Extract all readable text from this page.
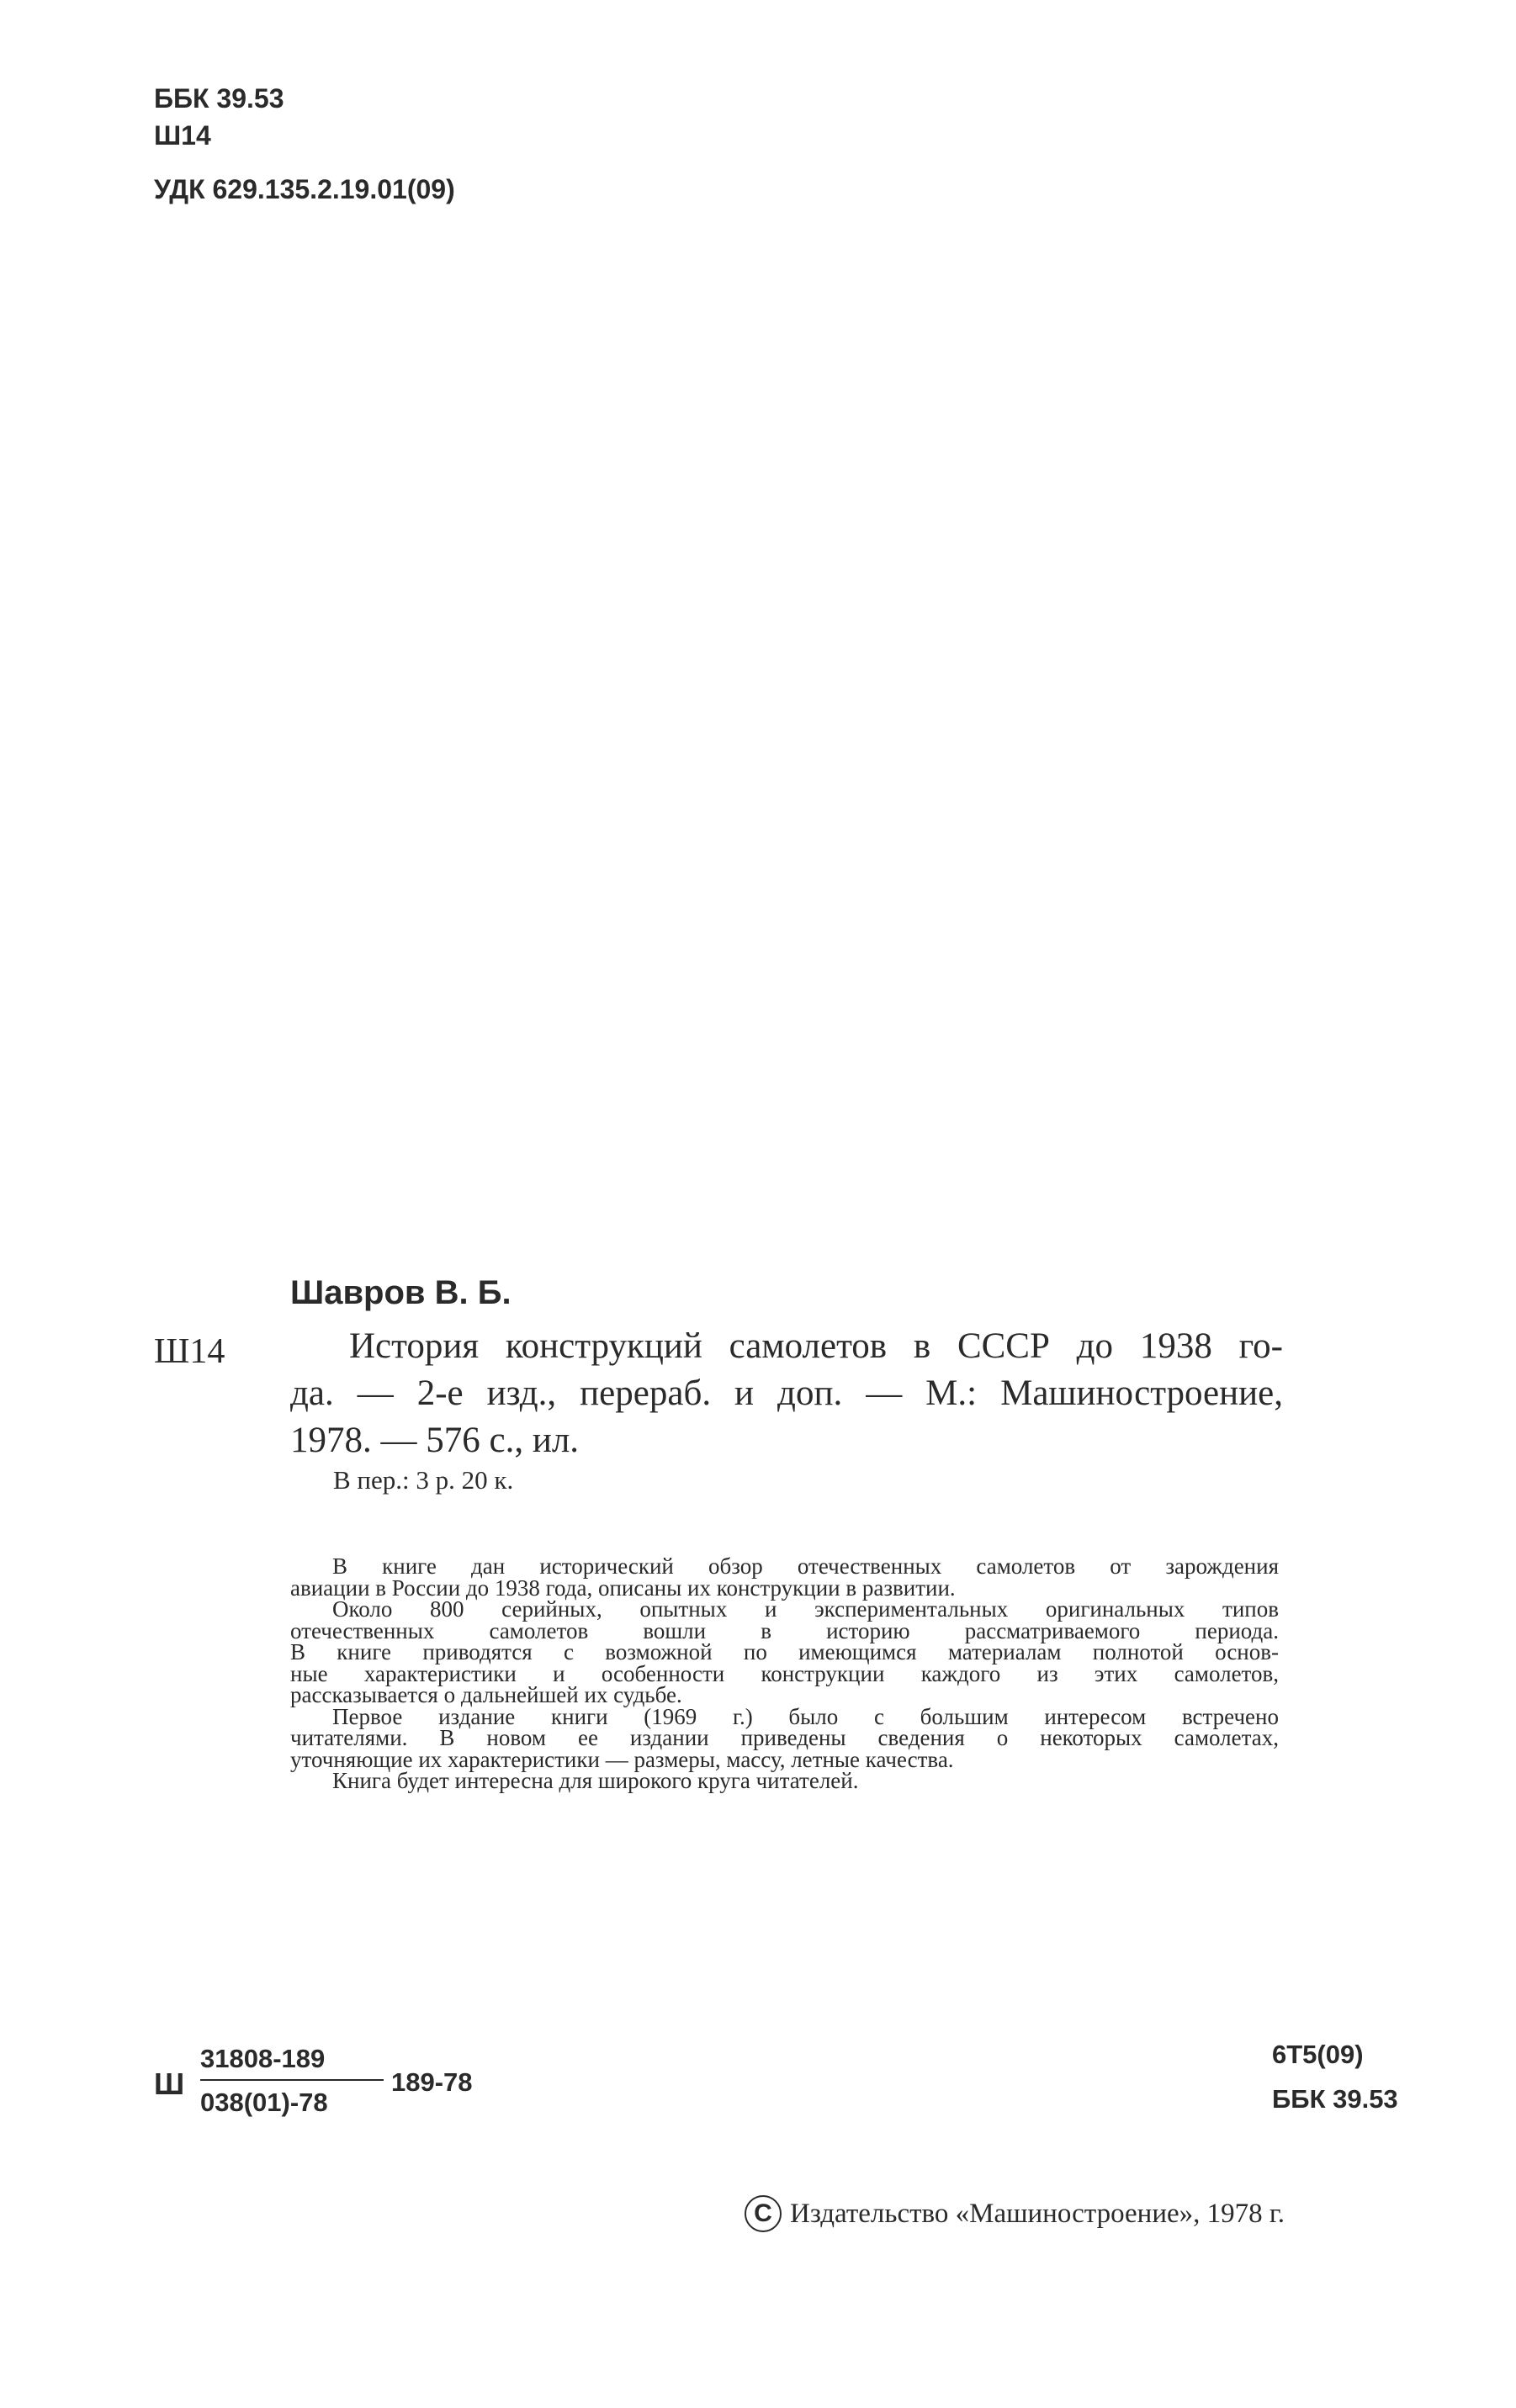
ББК 39.53
Ш14
УДК 629.135.2.19.01(09)
Шавров В. Б.
Ш14	История конструкций самолетов в СССР до 1938 го-
да. — 2-е изд., перераб. и доп. — М.: Машиностроение,
1978. — 576 с., ил.
В пер.: 3 р. 20 к.
В книге дан исторический обзор отечественных самолетов от зарождения
авиации в России до 1938 года, описаны их конструкции в развитии.
Около 800 серийных, опытных и экспериментальных оригинальных типов
отечественных самолетов вошли в историю рассматриваемого периода.
В книге приводятся с возможной по имеющимся материалам полнотой основ-
ные характеристики и особенности конструкции каждого из этих самолетов,
рассказывается о дальнейшей их судьбе.
Первое издание книги (1969 г.) было с большим интересом встречено
читателями. В новом ее издании приведены сведения о некоторых самолетах,
уточняющие их характеристики — размеры, массу, летные качества.
Книга будет интересна для широкого круга читателей.
Ш $\frac{31808-189}{038(01)-78} 189-78$
6Т5(09)
ББК 39.53
C Издательство «Машиностроение», 1978 г.
